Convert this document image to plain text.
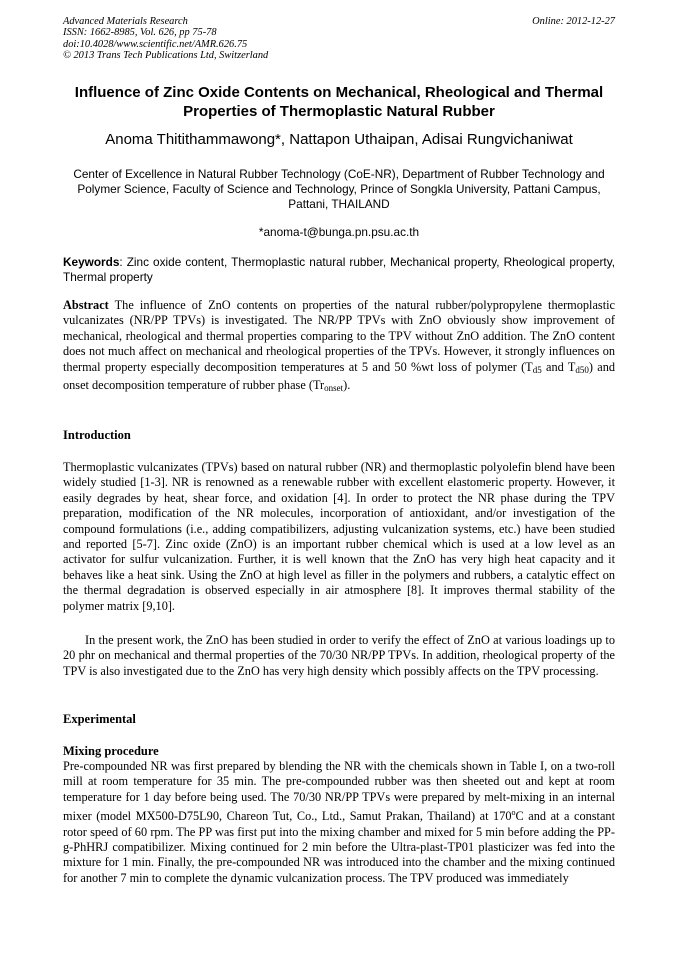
Advanced Materials Research
ISSN: 1662-8985, Vol. 626, pp 75-78
doi:10.4028/www.scientific.net/AMR.626.75
© 2013 Trans Tech Publications Ltd, Switzerland
Online: 2012-12-27
Influence of Zinc Oxide Contents on Mechanical, Rheological and Thermal Properties of Thermoplastic Natural Rubber
Anoma Thitithammawong*, Nattapon Uthaipan, Adisai Rungvichaniwat
Center of Excellence in Natural Rubber Technology (CoE-NR), Department of Rubber Technology and Polymer Science, Faculty of Science and Technology, Prince of Songkla University, Pattani Campus, Pattani, THAILAND
*anoma-t@bunga.pn.psu.ac.th
Keywords: Zinc oxide content, Thermoplastic natural rubber, Mechanical property, Rheological property, Thermal property
Abstract The influence of ZnO contents on properties of the natural rubber/polypropylene thermoplastic vulcanizates (NR/PP TPVs) is investigated. The NR/PP TPVs with ZnO obviously show improvement of mechanical, rheological and thermal properties comparing to the TPV without ZnO addition. The ZnO content does not much affect on mechanical and rheological properties of the TPVs. However, it strongly influences on thermal property especially decomposition temperatures at 5 and 50 %wt loss of polymer ($T_{d5}$ and $T_{d50}$) and onset decomposition temperature of rubber phase $(Tr_{onset})$.
Introduction
Thermoplastic vulcanizates (TPVs) based on natural rubber (NR) and thermoplastic polyolefin blend have been widely studied [1-3]. NR is renowned as a renewable rubber with excellent elastomeric property. However, it easily degrades by heat, shear force, and oxidation [4]. In order to protect the NR phase during the TPV preparation, modification of the NR molecules, incorporation of antioxidant, and/or investigation of the compound formulations (i.e., adding compatibilizers, adjusting vulcanization systems, etc.) have been studied and reported [5-7]. Zinc oxide (ZnO) is an important rubber chemical which is used at a low level as an activator for sulfur vulcanization. Further, it is well known that the ZnO has very high heat capacity and it behaves like a heat sink. Using the ZnO at high level as filler in the polymers and rubbers, a catalytic effect on the thermal degradation is observed especially in air atmosphere [8]. It improves thermal stability of the polymer matrix [9,10].
In the present work, the ZnO has been studied in order to verify the effect of ZnO at various loadings up to 20 phr on mechanical and thermal properties of the 70/30 NR/PP TPVs. In addition, rheological property of the TPV is also investigated due to the ZnO has very high density which possibly affects on the TPV processing.
Experimental
Mixing procedure
Pre-compounded NR was first prepared by blending the NR with the chemicals shown in Table I, on a two-roll mill at room temperature for 35 min. The pre-compounded rubber was then sheeted out and kept at room temperature for 1 day before being used. The 70/30 NR/PP TPVs were prepared by melt-mixing in an internal mixer (model MX500-D75L90, Chareon Tut, Co., Ltd., Samut Prakan, Thailand) at 170$^o$C and at a constant rotor speed of 60 rpm. The PP was first put into the mixing chamber and mixed for 5 min before adding the PP-g-PhHRJ compatibilizer. Mixing continued for 2 min before the Ultra-plast-TP01 plasticizer was fed into the mixture for 1 min. Finally, the pre-compounded NR was introduced into the chamber and the mixing continued for another 7 min to complete the dynamic vulcanization process. The TPV produced was immediately
